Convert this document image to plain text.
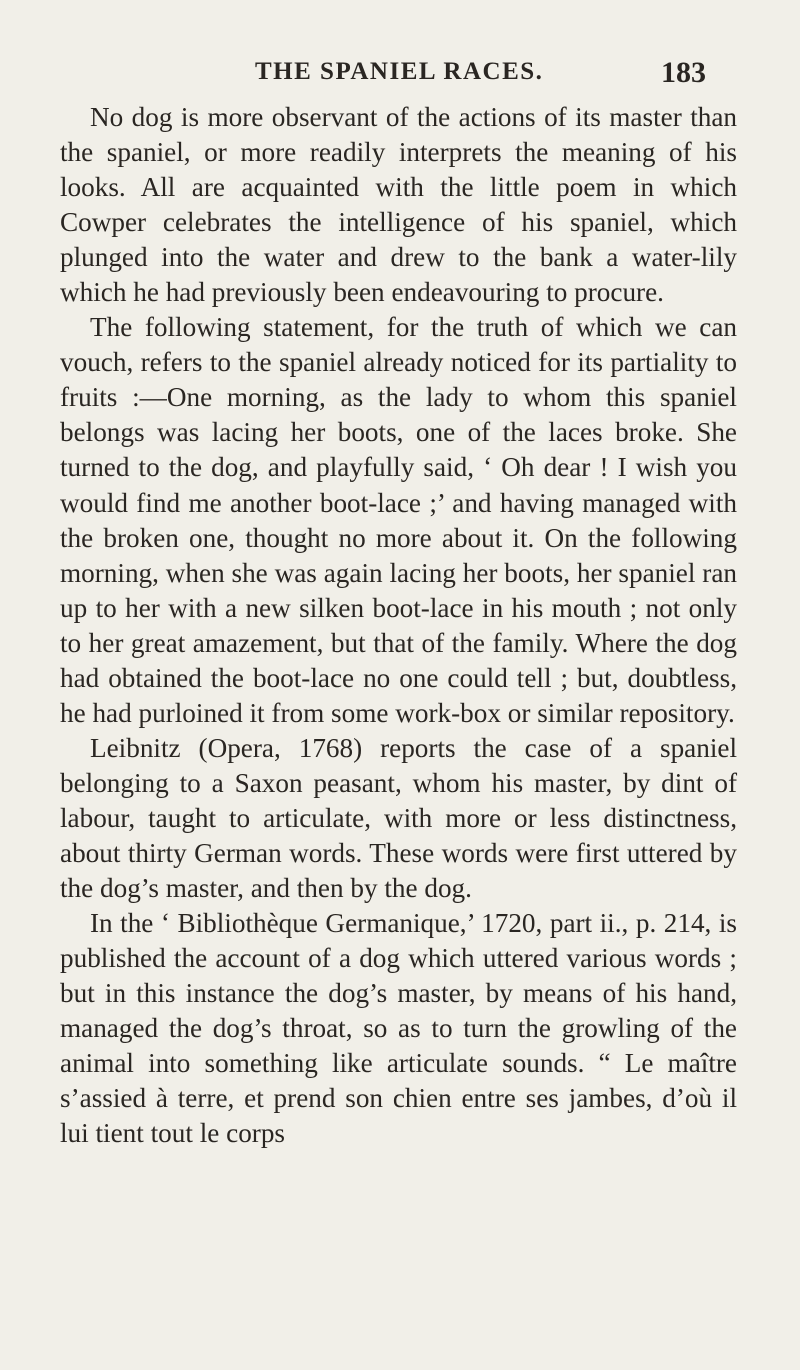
THE SPANIEL RACES.	183

No dog is more observant of the actions of its master than the spaniel, or more readily interprets the meaning of his looks. All are acquainted with the little poem in which Cowper celebrates the intelligence of his spaniel, which plunged into the water and drew to the bank a water-lily which he had previously been endeavouring to procure.

The following statement, for the truth of which we can vouch, refers to the spaniel already noticed for its partiality to fruits :—One morning, as the lady to whom this spaniel belongs was lacing her boots, one of the laces broke. She turned to the dog, and playfully said, ‘ Oh dear ! I wish you would find me another boot-lace ;’ and having managed with the broken one, thought no more about it. On the following morning, when she was again lacing her boots, her spaniel ran up to her with a new silken boot-lace in his mouth ; not only to her great amazement, but that of the family. Where the dog had obtained the boot-lace no one could tell ; but, doubtless, he had purloined it from some work-box or similar repository.

Leibnitz (Opera, 1768) reports the case of a spaniel belonging to a Saxon peasant, whom his master, by dint of labour, taught to articulate, with more or less distinctness, about thirty German words. These words were first uttered by the dog’s master, and then by the dog.

In the ‘ Bibliothèque Germanique,’ 1720, part ii., p. 214, is published the account of a dog which uttered various words ; but in this instance the dog’s master, by means of his hand, managed the dog’s throat, so as to turn the growling of the animal into something like articulate sounds. “ Le maître s’assied à terre, et prend son chien entre ses jambes, d’où il lui tient tout le corps
